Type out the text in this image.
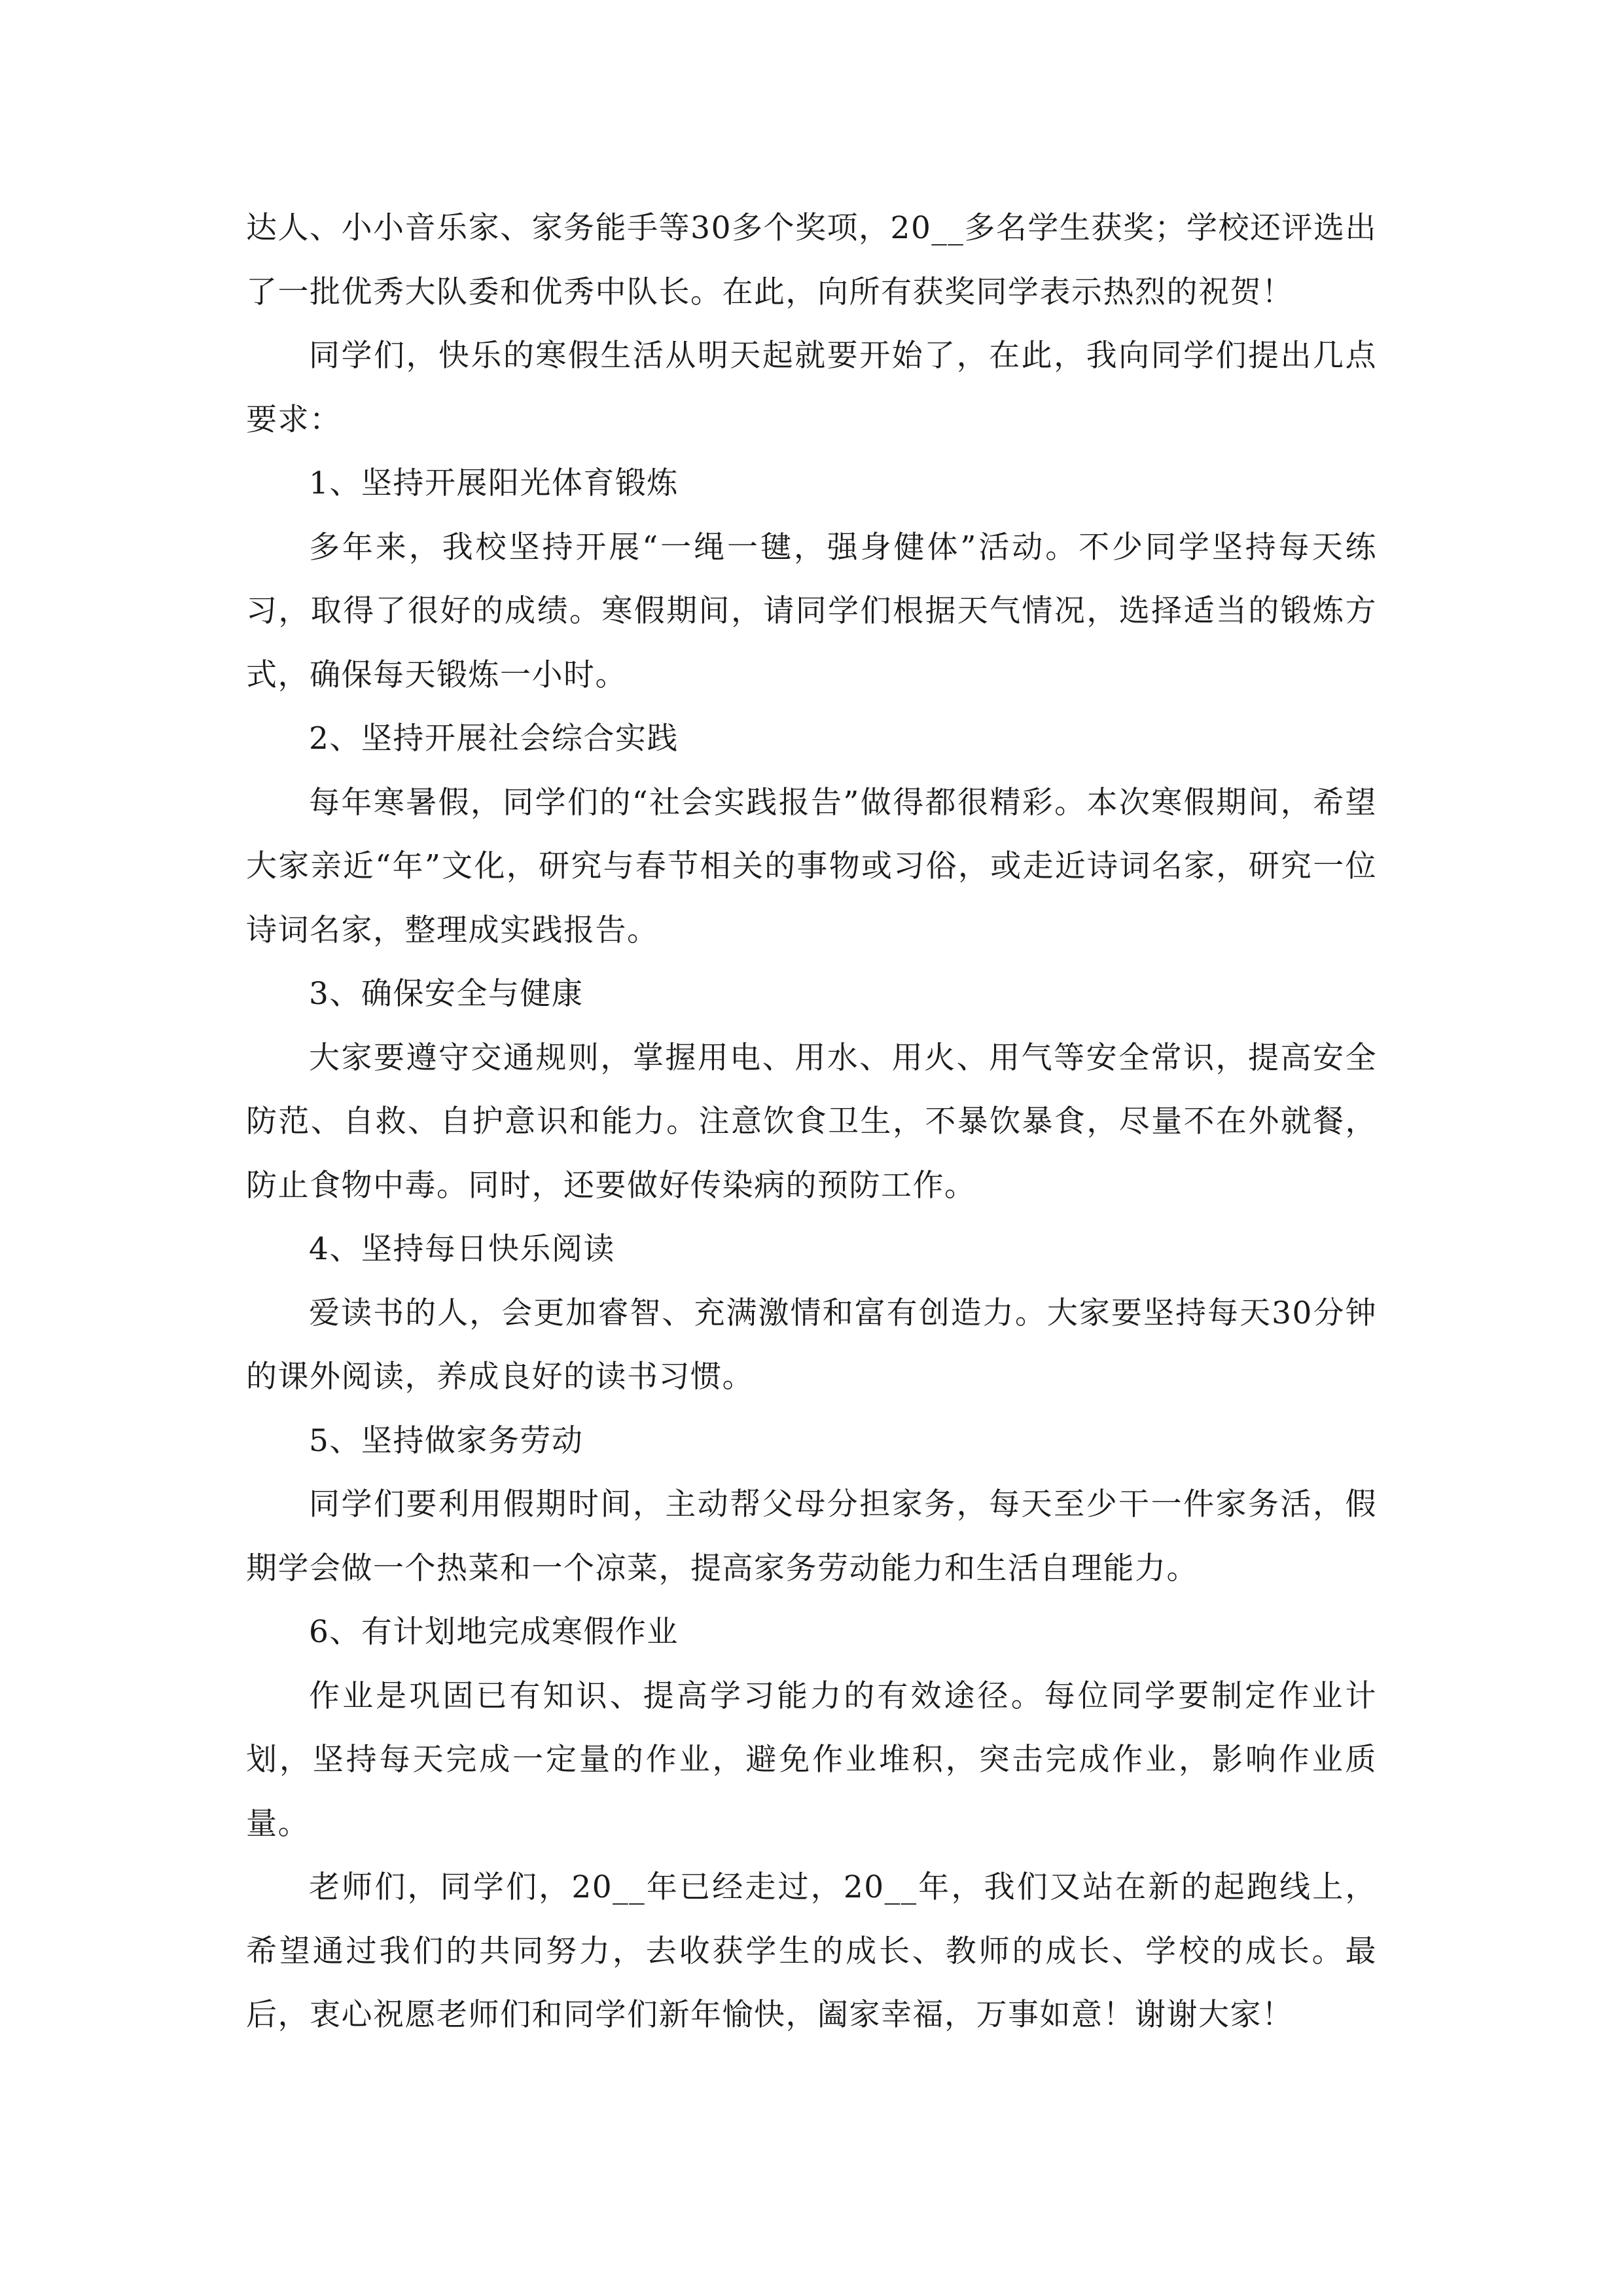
达人、小小音乐家、家务能手等30多个奖项，20__多名学生获奖；学校还评选出了一批优秀大队委和优秀中队长。在此，向所有获奖同学表示热烈的祝贺！

同学们，快乐的寒假生活从明天起就要开始了，在此，我向同学们提出几点要求：

1、坚持开展阳光体育锻炼

多年来，我校坚持开展“一绳一毽，强身健体”活动。不少同学坚持每天练习，取得了很好的成绩。寒假期间，请同学们根据天气情况，选择适当的锻炼方式，确保每天锻炼一小时。

2、坚持开展社会综合实践

每年寒暑假，同学们的“社会实践报告”做得都很精彩。本次寒假期间，希望大家亲近“年”文化，研究与春节相关的事物或习俗，或走近诗词名家，研究一位诗词名家，整理成实践报告。

3、确保安全与健康

大家要遵守交通规则，掌握用电、用水、用火、用气等安全常识，提高安全防范、自救、自护意识和能力。注意饮食卫生，不暴饮暴食，尽量不在外就餐，防止食物中毒。同时，还要做好传染病的预防工作。

4、坚持每日快乐阅读

爱读书的人，会更加睿智、充满激情和富有创造力。大家要坚持每天30分钟的课外阅读，养成良好的读书习惯。

5、坚持做家务劳动

同学们要利用假期时间，主动帮父母分担家务，每天至少干一件家务活，假期学会做一个热菜和一个凉菜，提高家务劳动能力和生活自理能力。

6、有计划地完成寒假作业

作业是巩固已有知识、提高学习能力的有效途径。每位同学要制定作业计划，坚持每天完成一定量的作业，避免作业堆积，突击完成作业，影响作业质量。

老师们，同学们，20__年已经走过，20__年，我们又站在新的起跑线上，希望通过我们的共同努力，去收获学生的成长、教师的成长、学校的成长。最后，衷心祝愿老师们和同学们新年愉快，阖家幸福，万事如意！谢谢大家！
